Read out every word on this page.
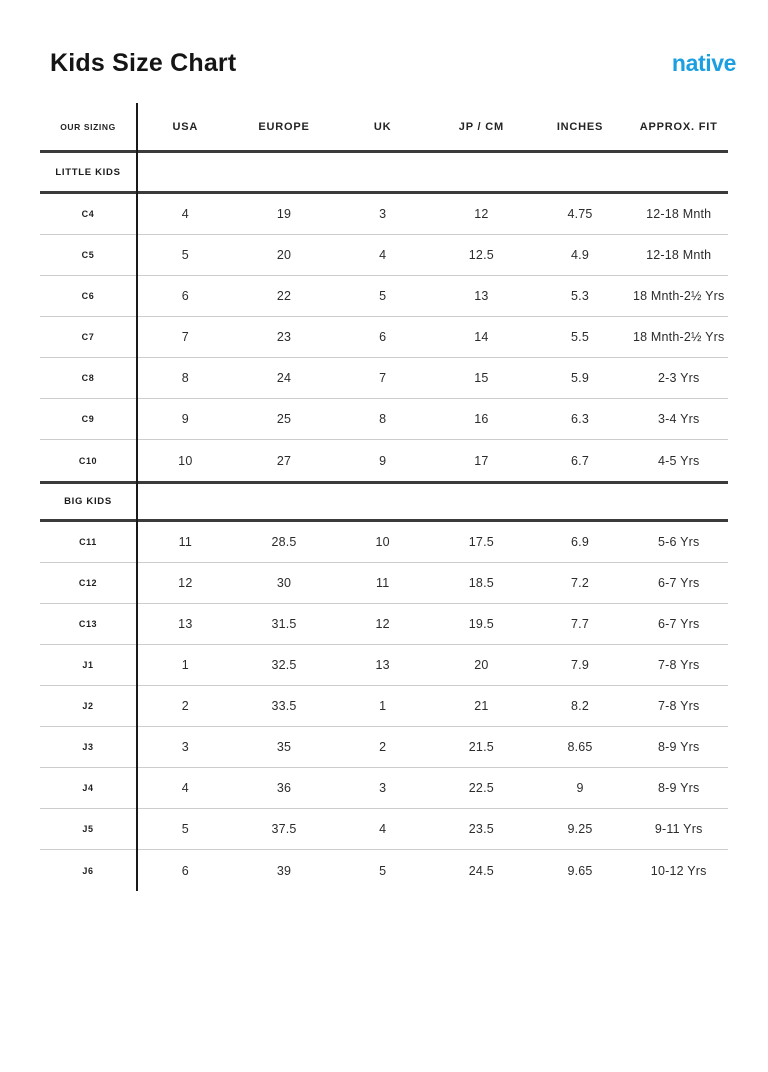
Kids Size Chart	native
OUR SIZING	USA	EUROPE	UK	JP / CM	INCHES	APPROX. FIT
LITTLE KIDS
C4	4	19	3	12	4.75	12-18 Mnth
C5	5	20	4	12.5	4.9	12-18 Mnth
C6	6	22	5	13	5.3	18 Mnth-2½ Yrs
C7	7	23	6	14	5.5	18 Mnth-2½ Yrs
C8	8	24	7	15	5.9	2-3 Yrs
C9	9	25	8	16	6.3	3-4 Yrs
C10	10	27	9	17	6.7	4-5 Yrs
BIG KIDS
C11	11	28.5	10	17.5	6.9	5-6 Yrs
C12	12	30	11	18.5	7.2	6-7 Yrs
C13	13	31.5	12	19.5	7.7	6-7 Yrs
J1	1	32.5	13	20	7.9	7-8 Yrs
J2	2	33.5	1	21	8.2	7-8 Yrs
J3	3	35	2	21.5	8.65	8-9 Yrs
J4	4	36	3	22.5	9	8-9 Yrs
J5	5	37.5	4	23.5	9.25	9-11 Yrs
J6	6	39	5	24.5	9.65	10-12 Yrs
